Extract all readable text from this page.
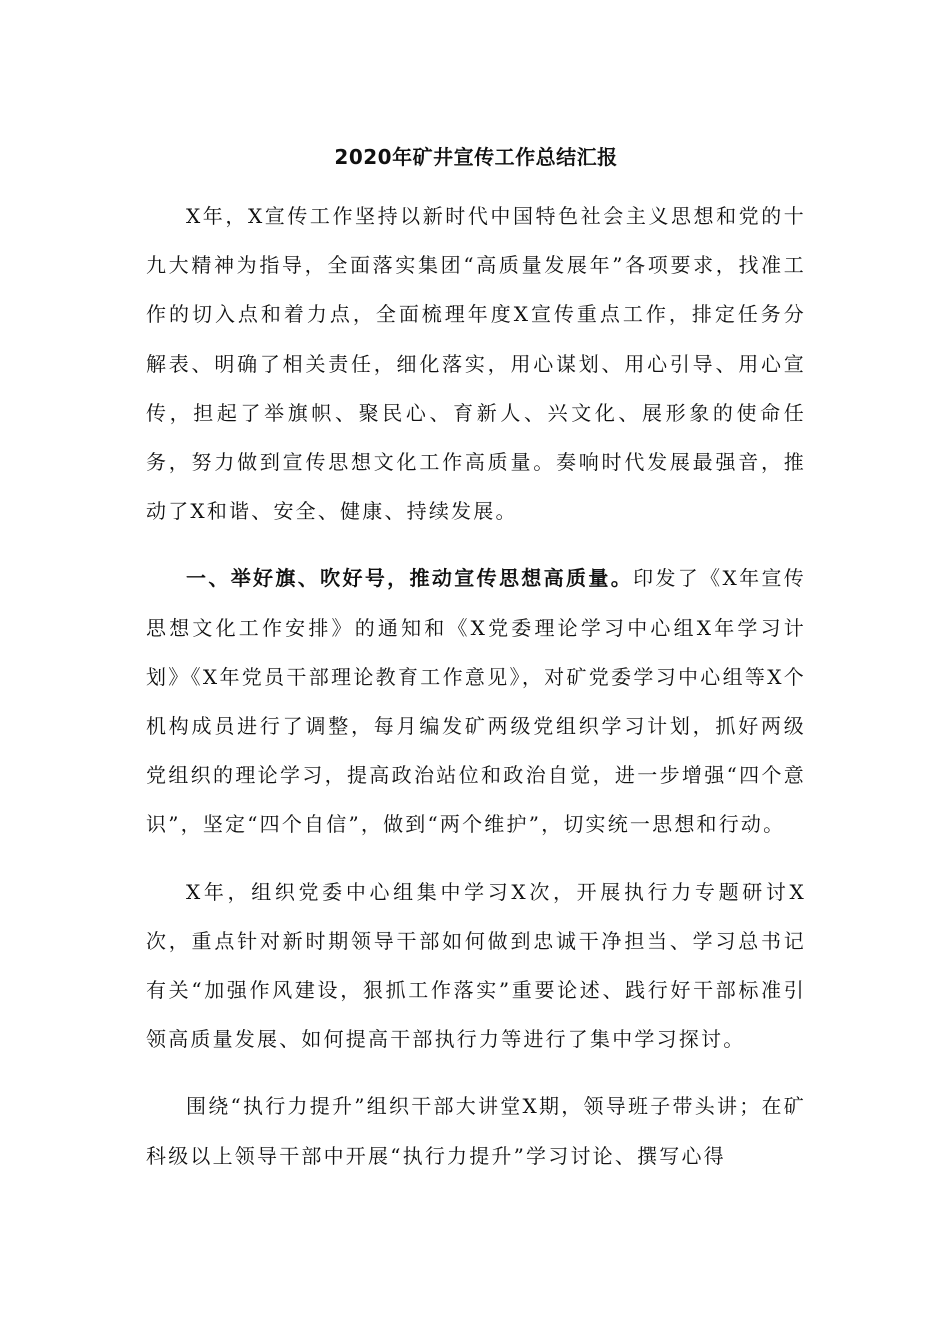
2020年矿井宣传工作总结汇报

X年，X宣传工作坚持以新时代中国特色社会主义思想和党的十九大精神为指导，全面落实集团“高质量发展年”各项要求，找准工作的切入点和着力点，全面梳理年度X宣传重点工作，排定任务分解表、明确了相关责任，细化落实，用心谋划、用心引导、用心宣传，担起了举旗帜、聚民心、育新人、兴文化、展形象的使命任务，努力做到宣传思想文化工作高质量。奏响时代发展最强音，推动了X和谐、安全、健康、持续发展。

一、举好旗、吹好号，推动宣传思想高质量。印发了《X年宣传思想文化工作安排》的通知和《X党委理论学习中心组X年学习计划》《X年党员干部理论教育工作意见》，对矿党委学习中心组等X个机构成员进行了调整，每月编发矿两级党组织学习计划，抓好两级党组织的理论学习，提高政治站位和政治自觉，进一步增强“四个意识”，坚定“四个自信”，做到“两个维护”，切实统一思想和行动。

X年，组织党委中心组集中学习X次，开展执行力专题研讨X次，重点针对新时期领导干部如何做到忠诚干净担当、学习总书记有关“加强作风建设，狠抓工作落实”重要论述、践行好干部标准引领高质量发展、如何提高干部执行力等进行了集中学习探讨。

围绕“执行力提升”组织干部大讲堂X期，领导班子带头讲；在矿科级以上领导干部中开展“执行力提升”学习讨论、撰写心得
